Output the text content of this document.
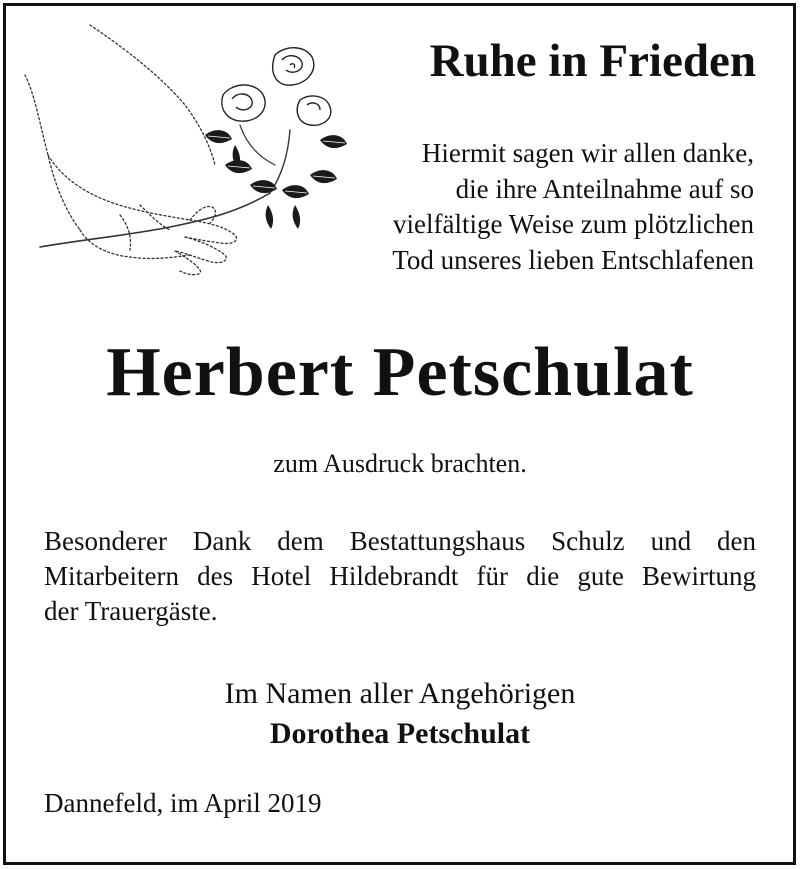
Ruhe in Frieden
Hiermit sagen wir allen danke,
die ihre Anteilnahme auf so
vielfältige Weise zum plötzlichen
Tod unseres lieben Entschlafenen
Herbert Petschulat
zum Ausdruck brachten.
Besonderer Dank dem Bestattungshaus Schulz und den
Mitarbeitern des Hotel Hildebrandt für die gute Bewirtung
der Trauergäste.
Im Namen aller Angehörigen
Dorothea Petschulat
Dannefeld, im April 2019
